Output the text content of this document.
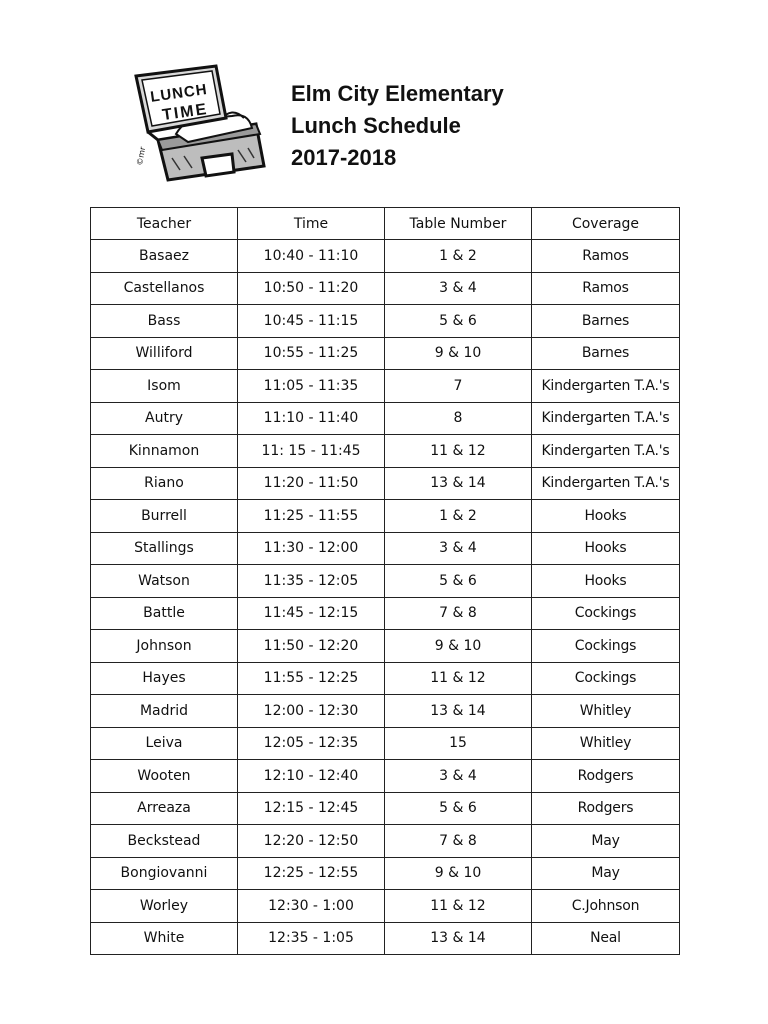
LUNCH
TIME
©mr
Elm City Elementary
Lunch Schedule
2017-2018
Teacher	Time	Table Number	Coverage
Basaez	10:40 - 11:10	1 & 2	Ramos
Castellanos	10:50 - 11:20	3 & 4	Ramos
Bass	10:45 - 11:15	5 & 6	Barnes
Williford	10:55 - 11:25	9 & 10	Barnes
Isom	11:05 - 11:35	7	Kindergarten T.A.'s
Autry	11:10 - 11:40	8	Kindergarten T.A.'s
Kinnamon	11: 15 - 11:45	11 & 12	Kindergarten T.A.'s
Riano	11:20 - 11:50	13 & 14	Kindergarten T.A.'s
Burrell	11:25 - 11:55	1 & 2	Hooks
Stallings	11:30 - 12:00	3 & 4	Hooks
Watson	11:35 - 12:05	5 & 6	Hooks
Battle	11:45 - 12:15	7 & 8	Cockings
Johnson	11:50 - 12:20	9 & 10	Cockings
Hayes	11:55 - 12:25	11 & 12	Cockings
Madrid	12:00 - 12:30	13 & 14	Whitley
Leiva	12:05 - 12:35	15	Whitley
Wooten	12:10 - 12:40	3 & 4	Rodgers
Arreaza	12:15 - 12:45	5 & 6	Rodgers
Beckstead	12:20 - 12:50	7 & 8	May
Bongiovanni	12:25 - 12:55	9 & 10	May
Worley	12:30 - 1:00	11 & 12	C.Johnson
White	12:35 - 1:05	13 & 14	Neal
